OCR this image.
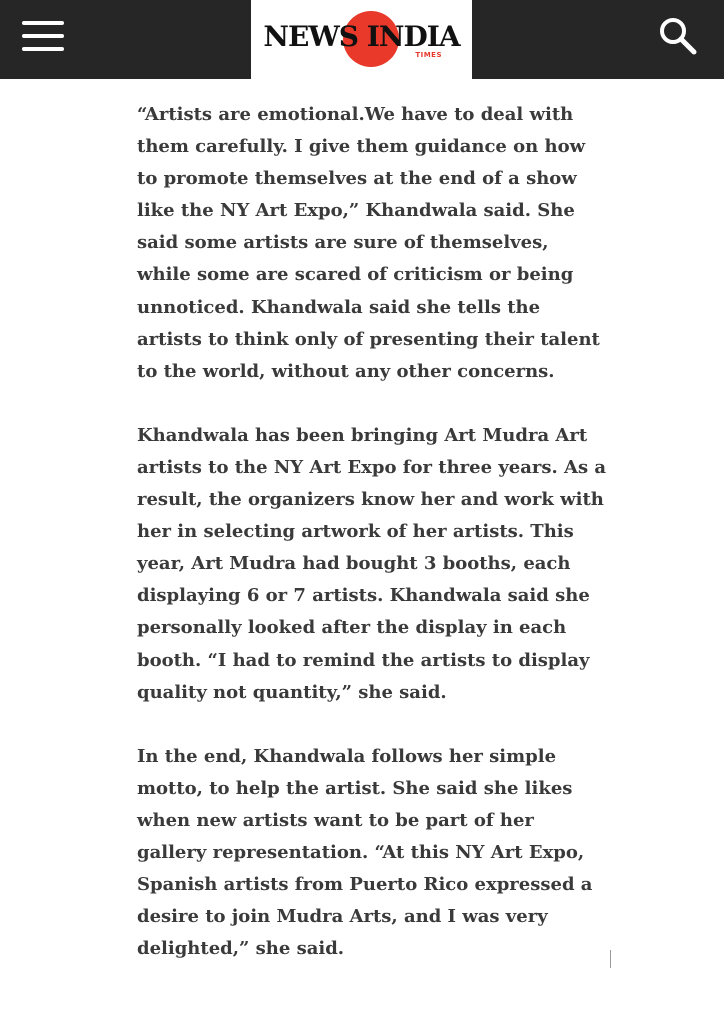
NEWS INDIA
TIMES

“Artists are emotional.We have to deal with them carefully. I give them guidance on how to promote themselves at the end of a show like the NY Art Expo,” Khandwala said. She said some artists are sure of themselves, while some are scared of criticism or being unnoticed. Khandwala said she tells the artists to think only of presenting their talent to the world, without any other concerns.

Khandwala has been bringing Art Mudra Art artists to the NY Art Expo for three years. As a result, the organizers know her and work with her in selecting artwork of her artists. This year, Art Mudra had bought 3 booths, each displaying 6 or 7 artists. Khandwala said she personally looked after the display in each booth. “I had to remind the artists to display quality not quantity,” she said.

In the end, Khandwala follows her simple motto, to help the artist. She said she likes when new artists want to be part of her gallery representation. “At this NY Art Expo, Spanish artists from Puerto Rico expressed a desire to join Mudra Arts, and I was very delighted,” she said.
